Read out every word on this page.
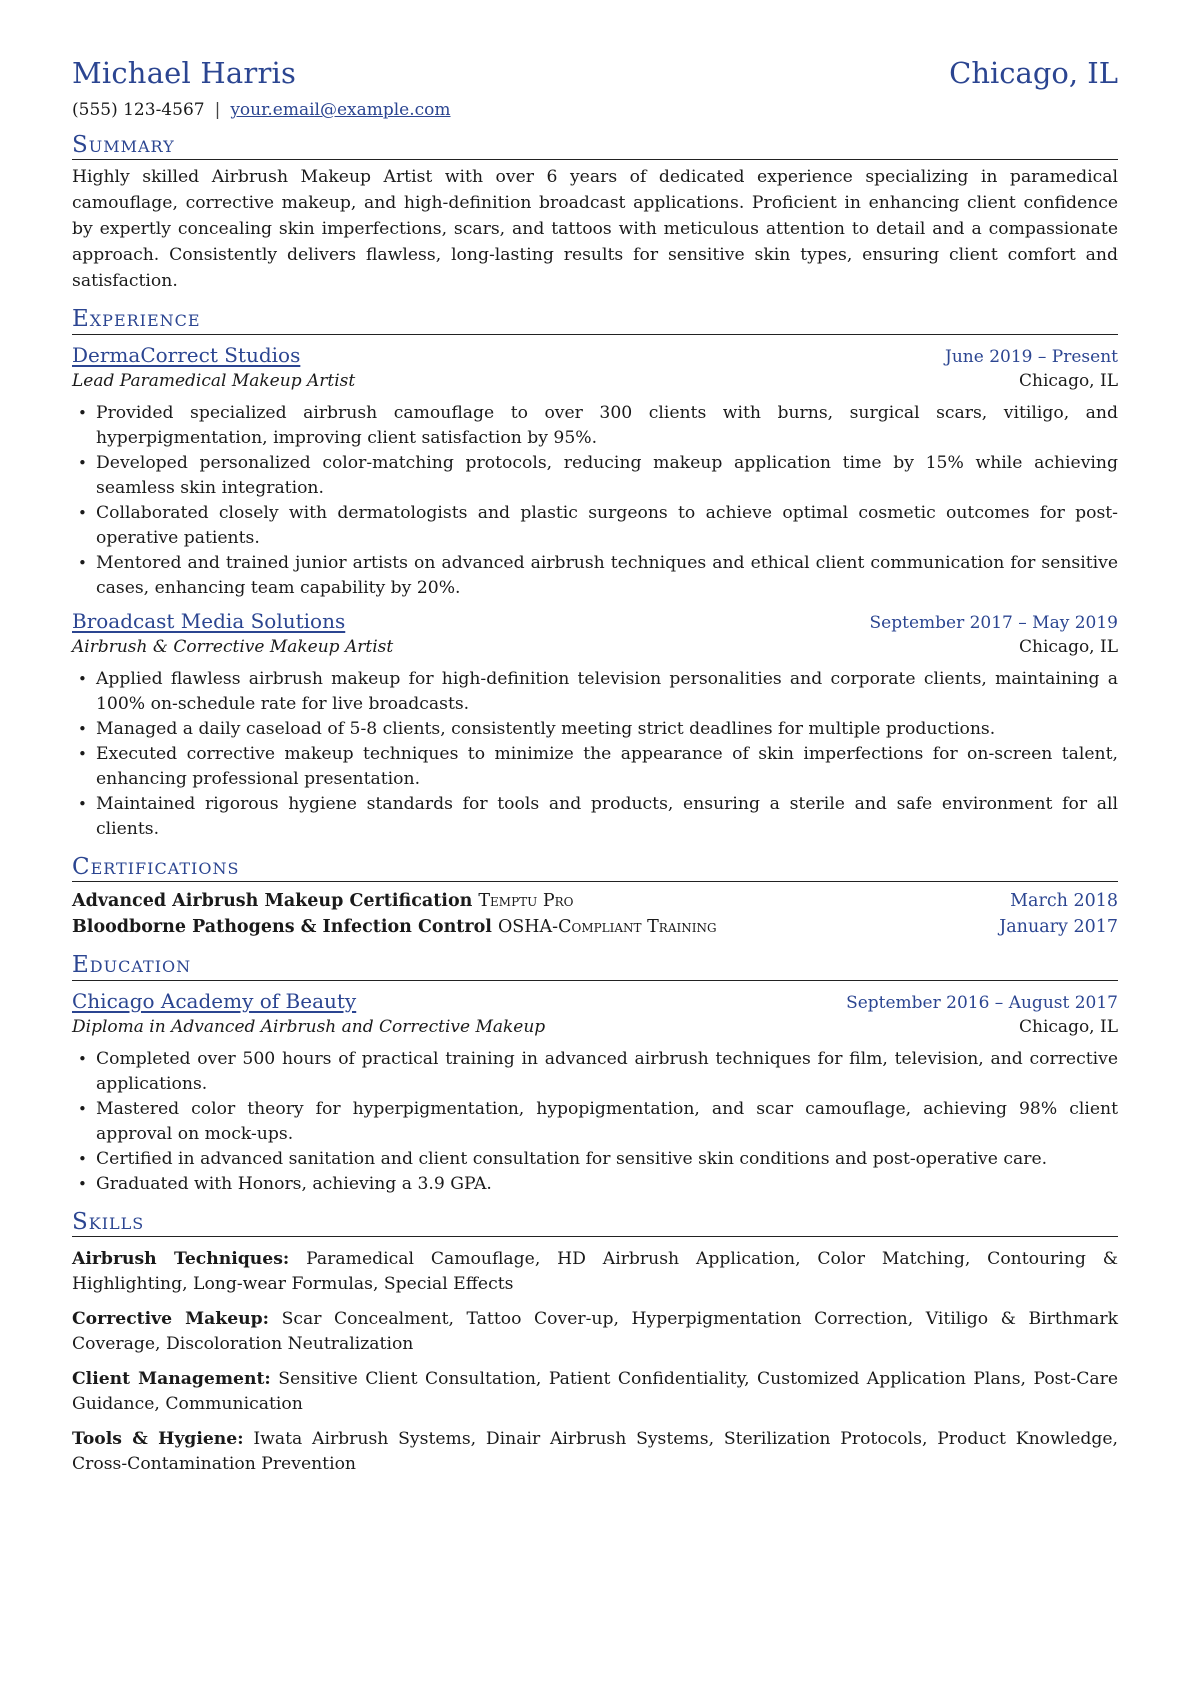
Michael Harris	Chicago, IL
(555) 123-4567 | your.email@example.com
Summary
Highly skilled Airbrush Makeup Artist with over 6 years of dedicated experience specializing in paramedical camouflage, corrective makeup, and high-definition broadcast applications. Proficient in enhancing client confidence by expertly concealing skin imperfections, scars, and tattoos with meticulous attention to detail and a compassionate approach. Consistently delivers flawless, long-lasting results for sensitive skin types, ensuring client comfort and satisfaction.
Experience
DermaCorrect Studios	June 2019 – Present
Lead Paramedical Makeup Artist	Chicago, IL
• Provided specialized airbrush camouflage to over 300 clients with burns, surgical scars, vitiligo, and hyperpigmentation, improving client satisfaction by 95%.
• Developed personalized color-matching protocols, reducing makeup application time by 15% while achieving seamless skin integration.
• Collaborated closely with dermatologists and plastic surgeons to achieve optimal cosmetic outcomes for post-operative patients.
• Mentored and trained junior artists on advanced airbrush techniques and ethical client communication for sensitive cases, enhancing team capability by 20%.
Broadcast Media Solutions	September 2017 – May 2019
Airbrush & Corrective Makeup Artist	Chicago, IL
• Applied flawless airbrush makeup for high-definition television personalities and corporate clients, maintaining a 100% on-schedule rate for live broadcasts.
• Managed a daily caseload of 5-8 clients, consistently meeting strict deadlines for multiple productions.
• Executed corrective makeup techniques to minimize the appearance of skin imperfections for on-screen talent, enhancing professional presentation.
• Maintained rigorous hygiene standards for tools and products, ensuring a sterile and safe environment for all clients.
Certifications
Advanced Airbrush Makeup Certification Temptu Pro	March 2018
Bloodborne Pathogens & Infection Control OSHA-Compliant Training	January 2017
Education
Chicago Academy of Beauty	September 2016 – August 2017
Diploma in Advanced Airbrush and Corrective Makeup	Chicago, IL
• Completed over 500 hours of practical training in advanced airbrush techniques for film, television, and corrective applications.
• Mastered color theory for hyperpigmentation, hypopigmentation, and scar camouflage, achieving 98% client approval on mock-ups.
• Certified in advanced sanitation and client consultation for sensitive skin conditions and post-operative care.
• Graduated with Honors, achieving a 3.9 GPA.
Skills
Airbrush Techniques: Paramedical Camouflage, HD Airbrush Application, Color Matching, Contouring & Highlighting, Long-wear Formulas, Special Effects
Corrective Makeup: Scar Concealment, Tattoo Cover-up, Hyperpigmentation Correction, Vitiligo & Birthmark Coverage, Discoloration Neutralization
Client Management: Sensitive Client Consultation, Patient Confidentiality, Customized Application Plans, Post-Care Guidance, Communication
Tools & Hygiene: Iwata Airbrush Systems, Dinair Airbrush Systems, Sterilization Protocols, Product Knowledge, Cross-Contamination Prevention
